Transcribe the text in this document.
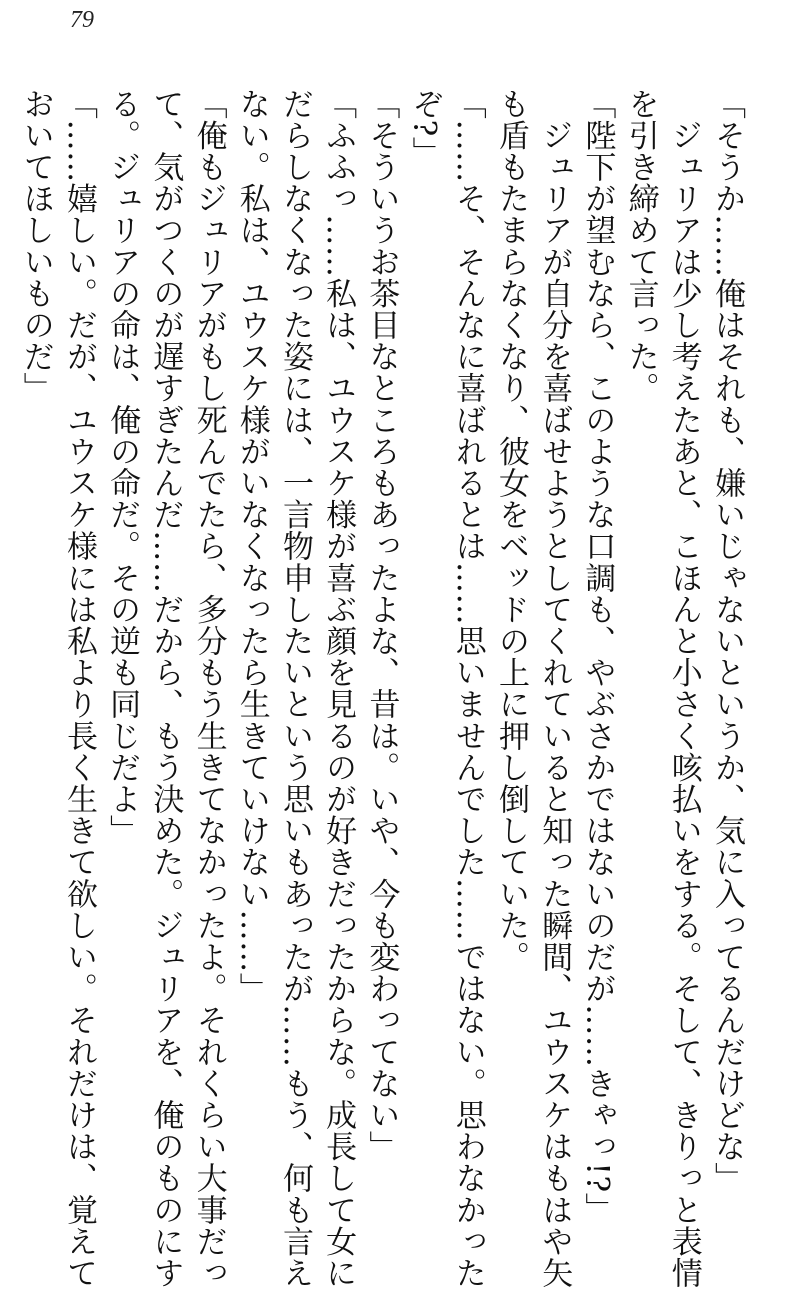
79
「そうか……俺はそれも、嫌いじゃないというか、気に入ってるんだけどな」
　ジュリアは少し考えたあと、こほんと小さく咳払いをする。そして、きりっと表情
を引き締めて言った。
「陛下が望むなら、このような口調も、やぶさかではないのだが……きゃっ!?」
　ジュリアが自分を喜ばせようとしてくれていると知った瞬間、ユウスケはもはや矢
も盾もたまらなくなり、彼女をベッドの上に押し倒していた。
「……そ、そんなに喜ばれるとは……思いませんでした……ではない。思わなかった
ぞ?」
「そういうお茶目なところもあったよな、昔は。いや、今も変わってない」
「ふふっ……私は、ユウスケ様が喜ぶ顔を見るのが好きだったからな。成長して女に
だらしなくなった姿には、一言物申したいという思いもあったが……もう、何も言え
ない。私は、ユウスケ様がいなくなったら生きていけない……」
「俺もジュリアがもし死んでたら、多分もう生きてなかったよ。それくらい大事だっ
て、気がつくのが遅すぎたんだ……だから、もう決めた。ジュリアを、俺のものにす
る。ジュリアの命は、俺の命だ。その逆も同じだよ」
「……嬉しい。だが、ユウスケ様には私より長く生きて欲しい。それだけは、覚えて
おいてほしいものだ」
